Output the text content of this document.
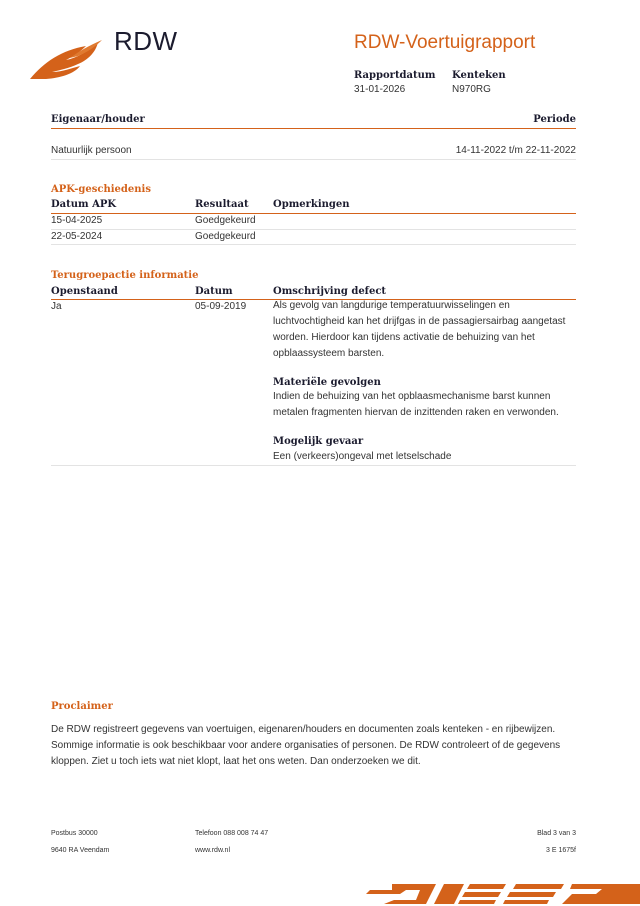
RDW	RDW-Voertuigrapport
Rapportdatum
31-01-2026
Kenteken
N970RG
Eigenaar/houder	Periode
Natuurlijk persoon	14-11-2022 t/m 22-11-2022
APK-geschiedenis
Datum APK	Resultaat Opmerkingen
15-04-2025	Goedgekeurd
22-05-2024	Goedgekeurd
Terugroepactie informatie
Openstaand	Datum	Omschrijving defect
Ja	05-09-2019	Als gevolg van langdurige temperatuurwisselingen en
luchtvochtigheid kan het drijfgas in de passagiersairbag aangetast
worden. Hierdoor kan tijdens activatie de behuizing van het
opblaassysteem barsten.
Materiële gevolgen
Indien de behuizing van het opblaasmechanisme barst kunnen
metalen fragmenten hiervan de inzittenden raken en verwonden.
Mogelijk gevaar
Een (verkeers)ongeval met letselschade
Proclaimer
De RDW registreert gegevens van voertuigen, eigenaren/houders en documenten zoals kenteken - en rijbewijzen.
Sommige informatie is ook beschikbaar voor andere organisaties of personen. De RDW controleert of de gegevens
kloppen. Ziet u toch iets wat niet klopt, laat het ons weten. Dan onderzoeken we dit.
Postbus 30000
9640 RA Veendam
Telefoon 088 008 74 47
www.rdw.nl
Blad 3 van 3
3 E 1675f
